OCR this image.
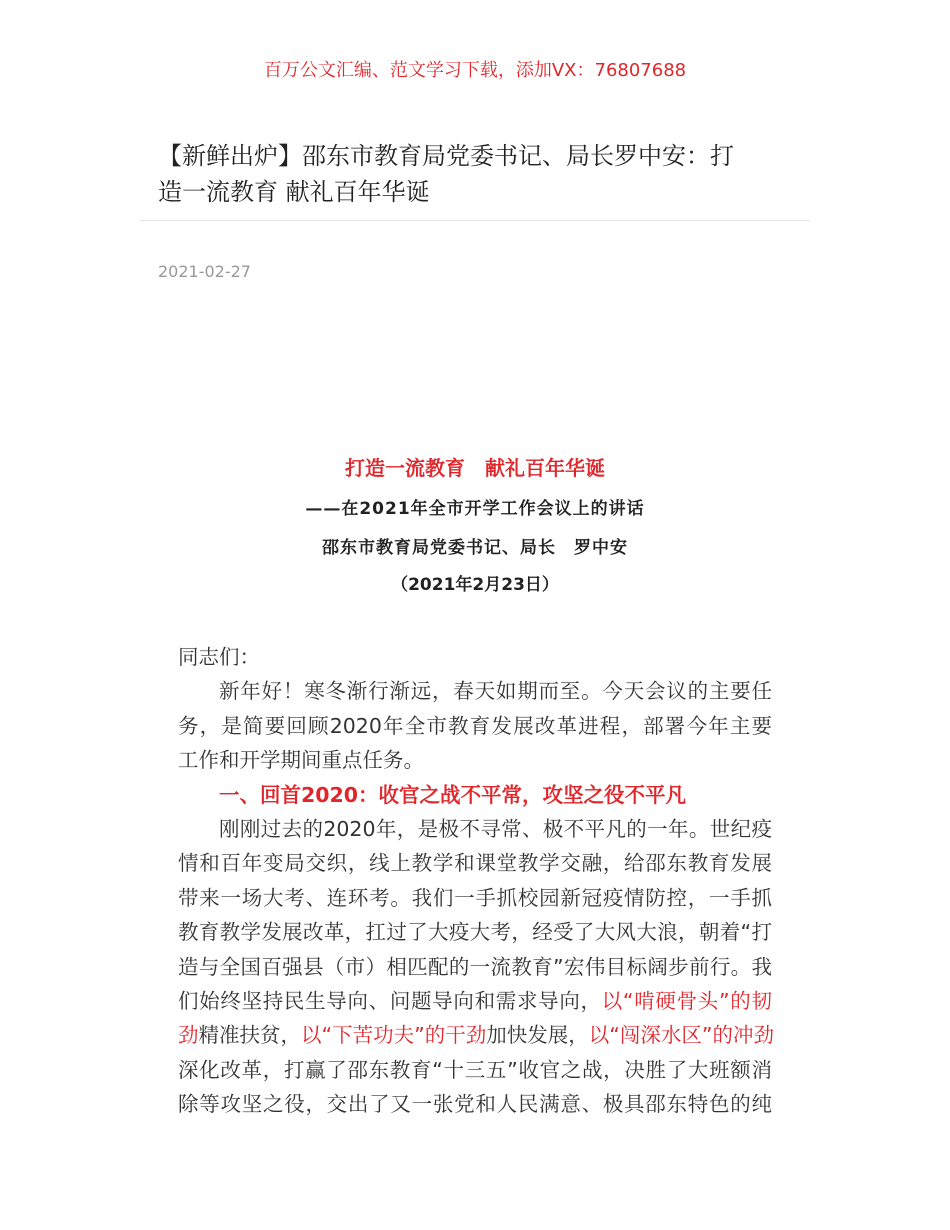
百万公文汇编、范文学习下载，添加VX：76807688
【新鲜出炉】邵东市教育局党委书记、局长罗中安：打
造一流教育 献礼百年华诞
2021-02-27
打造一流教育　献礼百年华诞
——在2021年全市开学工作会议上的讲话
邵东市教育局党委书记、局长　罗中安
（2021年2月23日）
同志们：
新年好！寒冬渐行渐远，春天如期而至。今天会议的主要任
务，是简要回顾2020年全市教育发展改革进程，部署今年主要
工作和开学期间重点任务。
一、回首2020：收官之战不平常，攻坚之役不平凡
刚刚过去的2020年，是极不寻常、极不平凡的一年。世纪疫
情和百年变局交织，线上教学和课堂教学交融，给邵东教育发展
带来一场大考、连环考。我们一手抓校园新冠疫情防控，一手抓
教育教学发展改革，扛过了大疫大考，经受了大风大浪，朝着“打
造与全国百强县（市）相匹配的一流教育”宏伟目标阔步前行。我
们始终坚持民生导向、问题导向和需求导向，以“啃硬骨头”的韧
劲精准扶贫，以“下苦功夫”的干劲加快发展，以“闯深水区”的冲劲
深化改革，打赢了邵东教育“十三五”收官之战，决胜了大班额消
除等攻坚之役，交出了又一张党和人民满意、极具邵东特色的纯
